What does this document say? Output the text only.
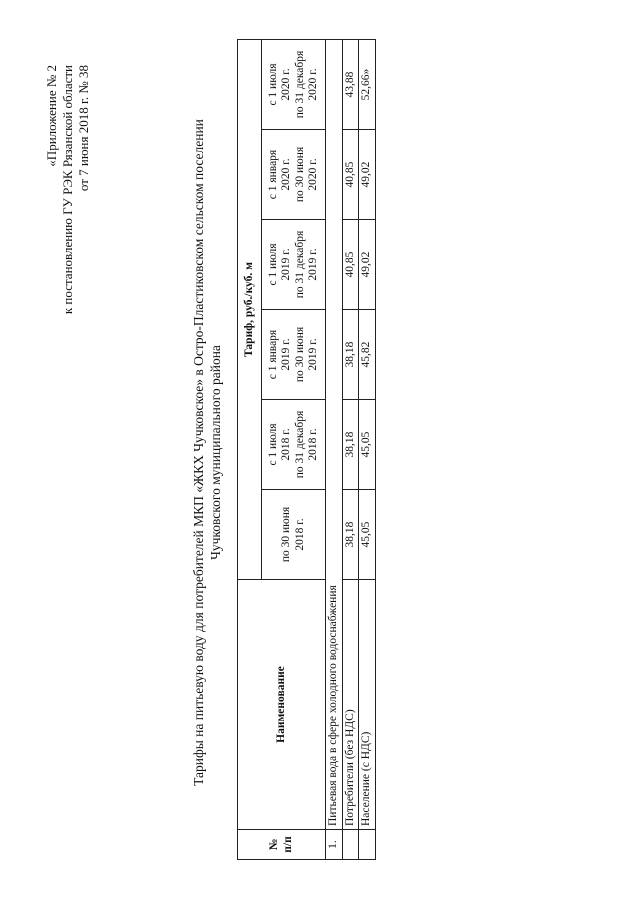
«Приложение № 2 к постановлению ГУ РЭК Рязанской области от 7 июня 2018 г. № 38	Тарифы на питьевую воду для потребителей МКП «ЖКХ Чучковское» в Остро-Пластиковском сельском поселении Чучковского муниципального района
№ п/п	Наименование	Тариф, руб./куб. м					

		по 30 июня 2018 г.	с 1 июля 2018 г. по 31 декабря 2018 г.	с 1 января 2019 г. по 30 июня 2019 г.	с 1 июля 2019 г. по 31 декабря 2019 г.	с 1 января 2020 г. по 30 июня 2020 г.	с 1 июля 2020 г. по 31 декабря 2020 г.

1.	Питьевая вода в сфере холодного водоснабжения						
	Потребители (без НДС)	38,18	38,18	38,18	40,85	40,85	43,88
	Население (с НДС)	45,05	45,05	45,82	49,02	49,02	52,66»
